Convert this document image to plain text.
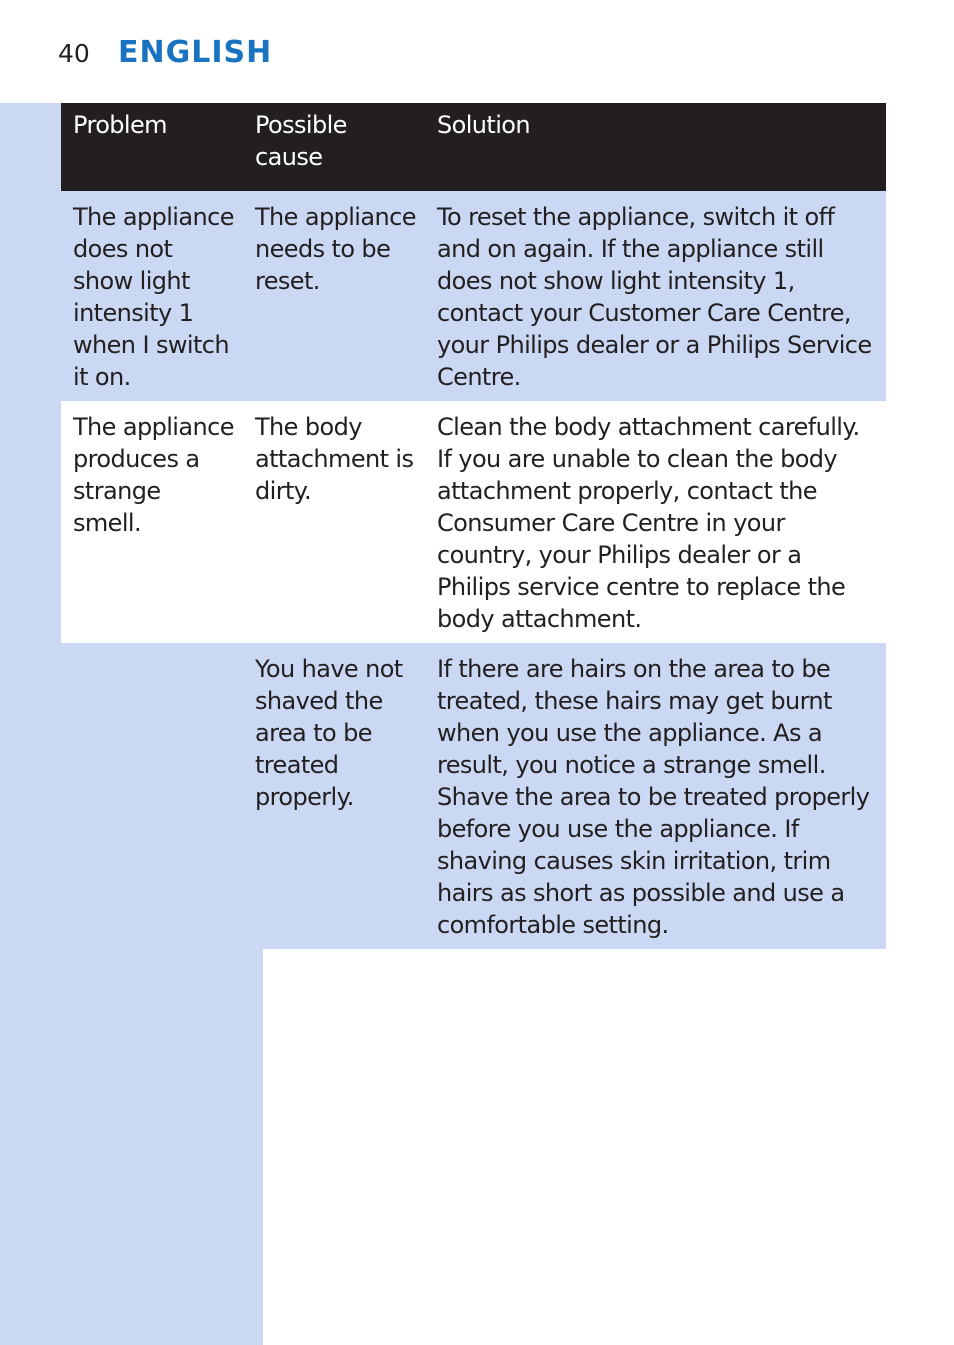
40 ENGLISH
Problem	Possible cause	Solution
The appliance does not show light intensity 1 when I switch it on.	The appliance needs to be reset.	To reset the appliance, switch it off and on again. If the appliance still does not show light intensity 1, contact your Customer Care Centre, your Philips dealer or a Philips Service Centre.
The appliance produces a strange smell.	The body attachment is dirty.	Clean the body attachment carefully. If you are unable to clean the body attachment properly, contact the Consumer Care Centre in your country, your Philips dealer or a Philips service centre to replace the body attachment.
	You have not shaved the area to be treated properly.	If there are hairs on the area to be treated, these hairs may get burnt when you use the appliance. As a result, you notice a strange smell. Shave the area to be treated properly before you use the appliance. If shaving causes skin irritation, trim hairs as short as possible and use a comfortable setting.
